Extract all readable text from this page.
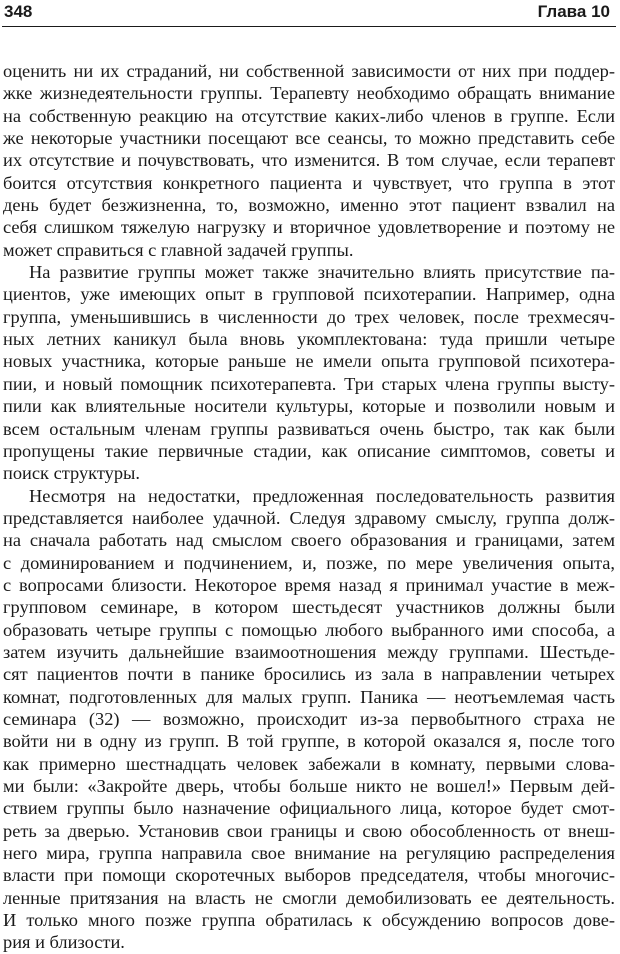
348	Глава 10
оценить ни их страданий, ни собственной зависимости от них при поддер-
жке жизнедеятельности группы. Терапевту необходимо обращать внимание
на собственную реакцию на отсутствие каких-либо членов в группе. Если
же некоторые участники посещают все сеансы, то можно представить себе
их отсутствие и почувствовать, что изменится. В том случае, если терапевт
боится отсутствия конкретного пациента и чувствует, что группа в этот
день будет безжизненна, то, возможно, именно этот пациент взвалил на
себя слишком тяжелую нагрузку и вторичное удовлетворение и поэтому не
может справиться с главной задачей группы.
На развитие группы может также значительно влиять присутствие па-
циентов, уже имеющих опыт в групповой психотерапии. Например, одна
группа, уменьшившись в численности до трех человек, после трехмесяч-
ных летних каникул была вновь укомплектована: туда пришли четыре
новых участника, которые раньше не имели опыта групповой психотера-
пии, и новый помощник психотерапевта. Три старых члена группы высту-
пили как влиятельные носители культуры, которые и позволили новым и
всем остальным членам группы развиваться очень быстро, так как были
пропущены такие первичные стадии, как описание симптомов, советы и
поиск структуры.
Несмотря на недостатки, предложенная последовательность развития
представляется наиболее удачной. Следуя здравому смыслу, группа долж-
на сначала работать над смыслом своего образования и границами, затем
с доминированием и подчинением, и, позже, по мере увеличения опыта,
с вопросами близости. Некоторое время назад я принимал участие в меж-
групповом семинаре, в котором шестьдесят участников должны были
образовать четыре группы с помощью любого выбранного ими способа, а
затем изучить дальнейшие взаимоотношения между группами. Шестьде-
сят пациентов почти в панике бросились из зала в направлении четырех
комнат, подготовленных для малых групп. Паника — неотъемлемая часть
семинара (32) — возможно, происходит из-за первобытного страха не
войти ни в одну из групп. В той группе, в которой оказался я, после того
как примерно шестнадцать человек забежали в комнату, первыми слова-
ми были: «Закройте дверь, чтобы больше никто не вошел!» Первым дей-
ствием группы было назначение официального лица, которое будет смот-
реть за дверью. Установив свои границы и свою обособленность от внеш-
него мира, группа направила свое внимание на регуляцию распределения
власти при помощи скоротечных выборов председателя, чтобы многочис-
ленные притязания на власть не смогли демобилизовать ее деятельность.
И только много позже группа обратилась к обсуждению вопросов дове-
рия и близости.
